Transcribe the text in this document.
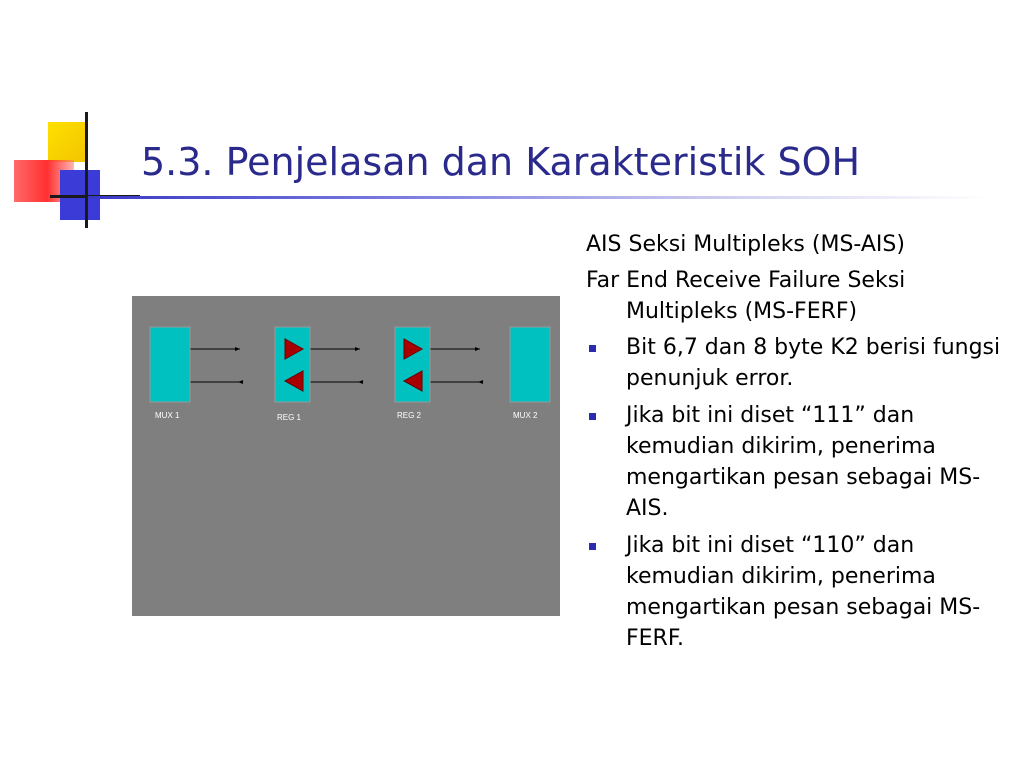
5.3. Penjelasan dan Karakteristik SOH
MUX 1	REG 1	REG 2	MUX 2
AIS Seksi Multipleks (MS-AIS)
Far End Receive Failure Seksi Multipleks (MS-FERF)
Bit 6,7 dan 8 byte K2 berisi fungsi penunjuk error.
Jika bit ini diset “111” dan kemudian dikirim, penerima mengartikan pesan sebagai MS-AIS.
Jika bit ini diset “110” dan kemudian dikirim, penerima mengartikan pesan sebagai MS-FERF.
